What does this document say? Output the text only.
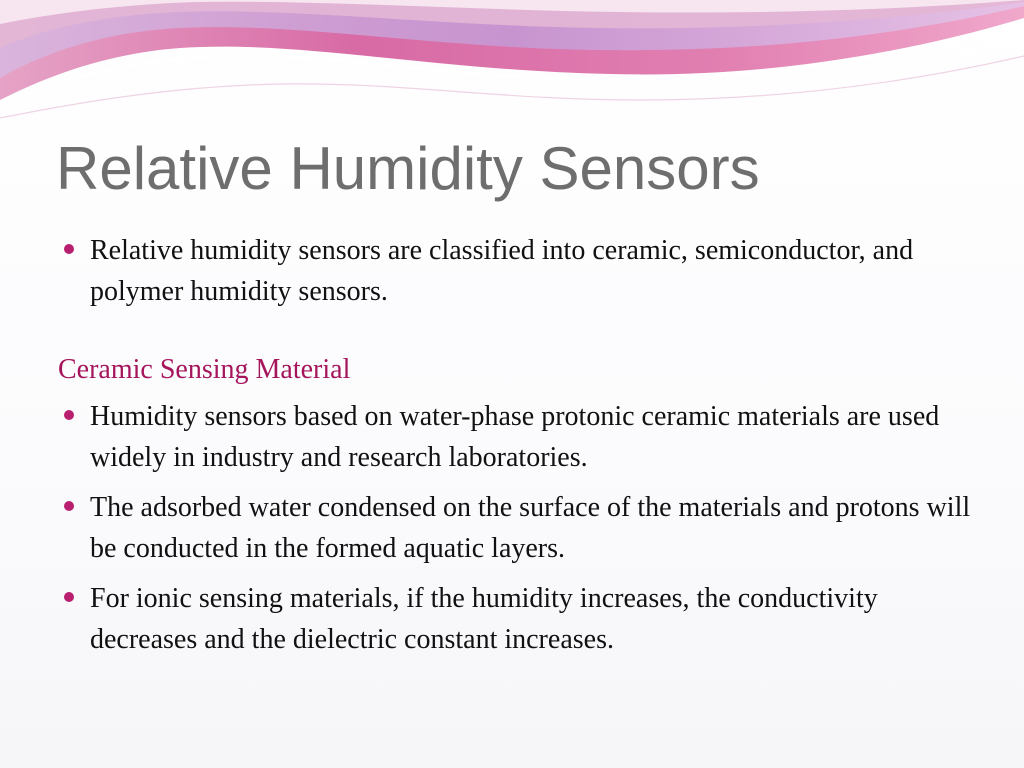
Relative Humidity Sensors
Relative humidity sensors are classified into ceramic, semiconductor, and polymer humidity sensors.
Ceramic Sensing Material
Humidity sensors based on water-phase protonic ceramic materials are used widely in industry and research laboratories.
The adsorbed water condensed on the surface of the materials and protons will be conducted in the formed aquatic layers.
For ionic sensing materials, if the humidity increases, the conductivity decreases and the dielectric constant increases.
